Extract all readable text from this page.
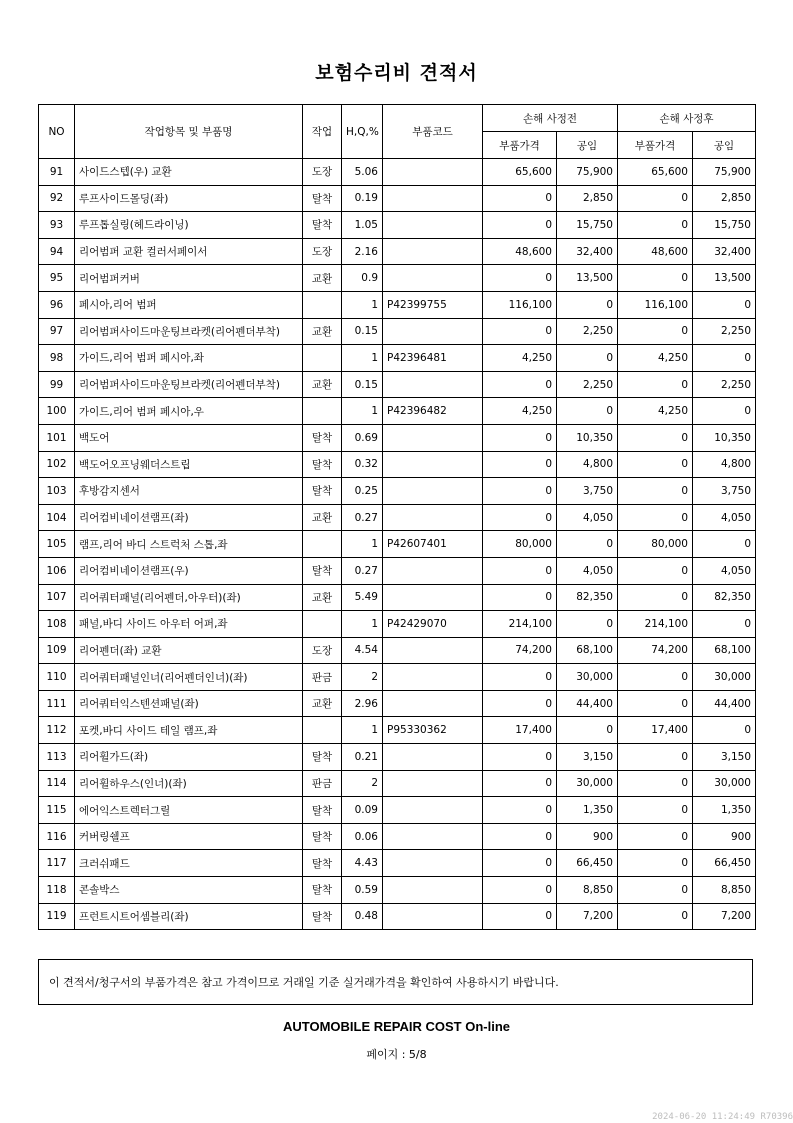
보험수리비 견적서
NO	작업항목 및 부품명	작업	H,Q,%	부품코드	손해 사정전		손해 사정후	
					부품가격	공임	부품가격	공임
91	사이드스텝(우) 교환	도장	5.06		65,600	75,900	65,600	75,900
92	루프사이드몰딩(좌)	탈착	0.19		0	2,850	0	2,850
93	루프톱실링(헤드라이닝)	탈착	1.05		0	15,750	0	15,750
94	리어범퍼 교환 컬러서페이서	도장	2.16		48,600	32,400	48,600	32,400
95	리어범퍼커버	교환	0.9		0	13,500	0	13,500
96	페시아,리어 범퍼		1	P42399755	116,100	0	116,100	0
97	리어범퍼사이드마운팅브라켓(리어펜더부착)	교환	0.15		0	2,250	0	2,250
98	가이드,리어 범퍼 페시아,좌		1	P42396481	4,250	0	4,250	0
99	리어범퍼사이드마운팅브라켓(리어펜더부착)	교환	0.15		0	2,250	0	2,250
100	가이드,리어 범퍼 페시아,우		1	P42396482	4,250	0	4,250	0
101	백도어	탈착	0.69		0	10,350	0	10,350
102	백도어오프닝웨더스트립	탈착	0.32		0	4,800	0	4,800
103	후방감지센서	탈착	0.25		0	3,750	0	3,750
104	리어컴비네이션램프(좌)	교환	0.27		0	4,050	0	4,050
105	램프,리어 바디 스트럭처 스톱,좌		1	P42607401	80,000	0	80,000	0
106	리어컴비네이션램프(우)	탈착	0.27		0	4,050	0	4,050
107	리어쿼터패널(리어펜더,아우터)(좌)	교환	5.49		0	82,350	0	82,350
108	패널,바디 사이드 아우터 어퍼,좌		1	P42429070	214,100	0	214,100	0
109	리어펜더(좌) 교환	도장	4.54		74,200	68,100	74,200	68,100
110	리어쿼터패널인너(리어펜더인너)(좌)	판금	2		0	30,000	0	30,000
111	리어쿼터익스텐션패널(좌)	교환	2.96		0	44,400	0	44,400
112	포켓,바디 사이드 테일 램프,좌		1	P95330362	17,400	0	17,400	0
113	리어휠가드(좌)	탈착	0.21		0	3,150	0	3,150
114	리어휠하우스(인너)(좌)	판금	2		0	30,000	0	30,000
115	에어익스트렉터그릴	탈착	0.09		0	1,350	0	1,350
116	커버링쉘프	탈착	0.06		0	900	0	900
117	크러쉬패드	탈착	4.43		0	66,450	0	66,450
118	콘솔박스	탈착	0.59		0	8,850	0	8,850
119	프런트시트어셈블리(좌)	탈착	0.48		0	7,200	0	7,200
이 견적서/청구서의 부품가격은 참고 가격이므로 거래일 기준 실거래가격을 확인하여 사용하시기 바랍니다.
AUTOMOBILE REPAIR COST On-line
페이지 : 5/8
2024-06-20 11:24:49 R70396
